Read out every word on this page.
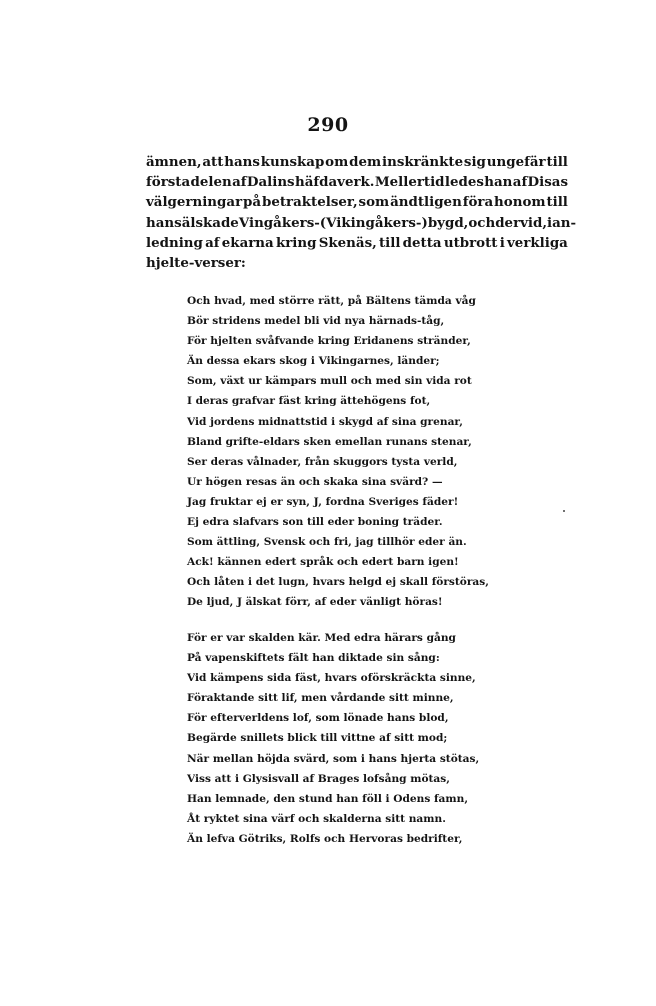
290
ämnen, att hans kunskap om dem inskränkte sig ungefär till
första delen af Dalins häfdaverk. Mellertid ledes han af Disas
välgerningar på betraktelser, som ändtligen föra honom till
hans älskade Vingåkers- (Vikingåkers-) bygd, och dervid, i an-
ledning af ekarna kring Skenäs, till detta utbrott i verkliga
hjelte-verser:
Och hvad, med större rätt, på Bältens tämda våg
Bör stridens medel bli vid nya härnads-tåg,
För hjelten svåfvande kring Eridanens stränder,
Än dessa ekars skog i Vikingarnes, länder;
Som, växt ur kämpars mull och med sin vida rot
I deras grafvar fäst kring ättehögens fot,
Vid jordens midnattstid i skygd af sina grenar,
Bland grifte-eldars sken emellan runans stenar,
Ser deras vålnader, från skuggors tysta verld,
Ur högen resas än och skaka sina svärd? —
Jag fruktar ej er syn, J, fordna Sveriges fäder!
Ej edra slafvars son till eder boning träder.
Som ättling, Svensk och fri, jag tillhör eder än.
Ack! kännen edert språk och edert barn igen!
Och låten i det lugn, hvars helgd ej skall förstöras,
De ljud, J älskat förr, af eder vänligt höras!
För er var skalden kär. Med edra härars gång
På vapenskiftets fält han diktade sin sång:
Vid kämpens sida fäst, hvars oförskräckta sinne,
Föraktande sitt lif, men vårdande sitt minne,
För efterverldens lof, som lönade hans blod,
Begärde snillets blick till vittne af sitt mod;
När mellan höjda svärd, som i hans hjerta stötas,
Viss att i Glysisvall af Brages lofsång mötas,
Han lemnade, den stund han föll i Odens famn,
Åt ryktet sina värf och skalderna sitt namn.
Än lefva Götriks, Rolfs och Hervoras bedrifter,
